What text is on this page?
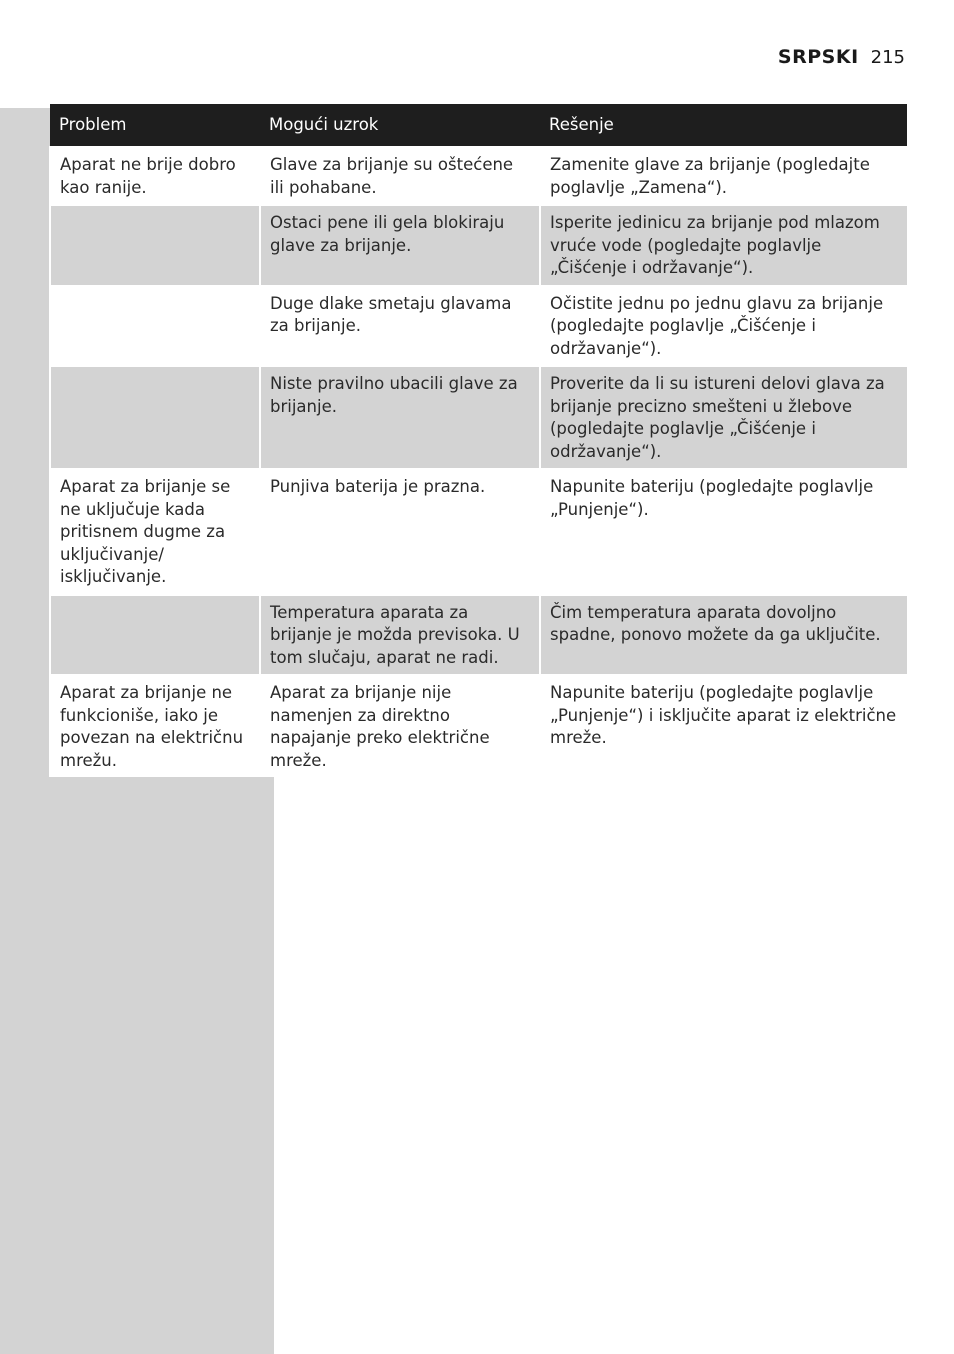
SRPSKI 215
Problem	Mogući uzrok	Rešenje
Aparat ne brije dobro kao ranije.	Glave za brijanje su oštećene ili pohabane.	Zamenite glave za brijanje (pogledajte poglavlje „Zamena“).
	Ostaci pene ili gela blokiraju glave za brijanje.	Isperite jedinicu za brijanje pod mlazom vruće vode (pogledajte poglavlje „Čišćenje i održavanje“).
	Duge dlake smetaju glavama za brijanje.	Očistite jednu po jednu glavu za brijanje (pogledajte poglavlje „Čišćenje i održavanje“).
	Niste pravilno ubacili glave za brijanje.	Proverite da li su istureni delovi glava za brijanje precizno smešteni u žlebove (pogledajte poglavlje „Čišćenje i održavanje“).
Aparat za brijanje se ne uključuje kada pritisnem dugme za uključivanje/ isključivanje.	Punjiva baterija je prazna.	Napunite bateriju (pogledajte poglavlje „Punjenje“).
	Temperatura aparata za brijanje je možda previsoka. U tom slučaju, aparat ne radi.	Čim temperatura aparata dovoljno spadne, ponovo možete da ga uključite.
Aparat za brijanje ne funkcioniše, iako je povezan na električnu mrežu.	Aparat za brijanje nije namenjen za direktno napajanje preko električne mreže.	Napunite bateriju (pogledajte poglavlje „Punjenje“) i isključite aparat iz električne mreže.
